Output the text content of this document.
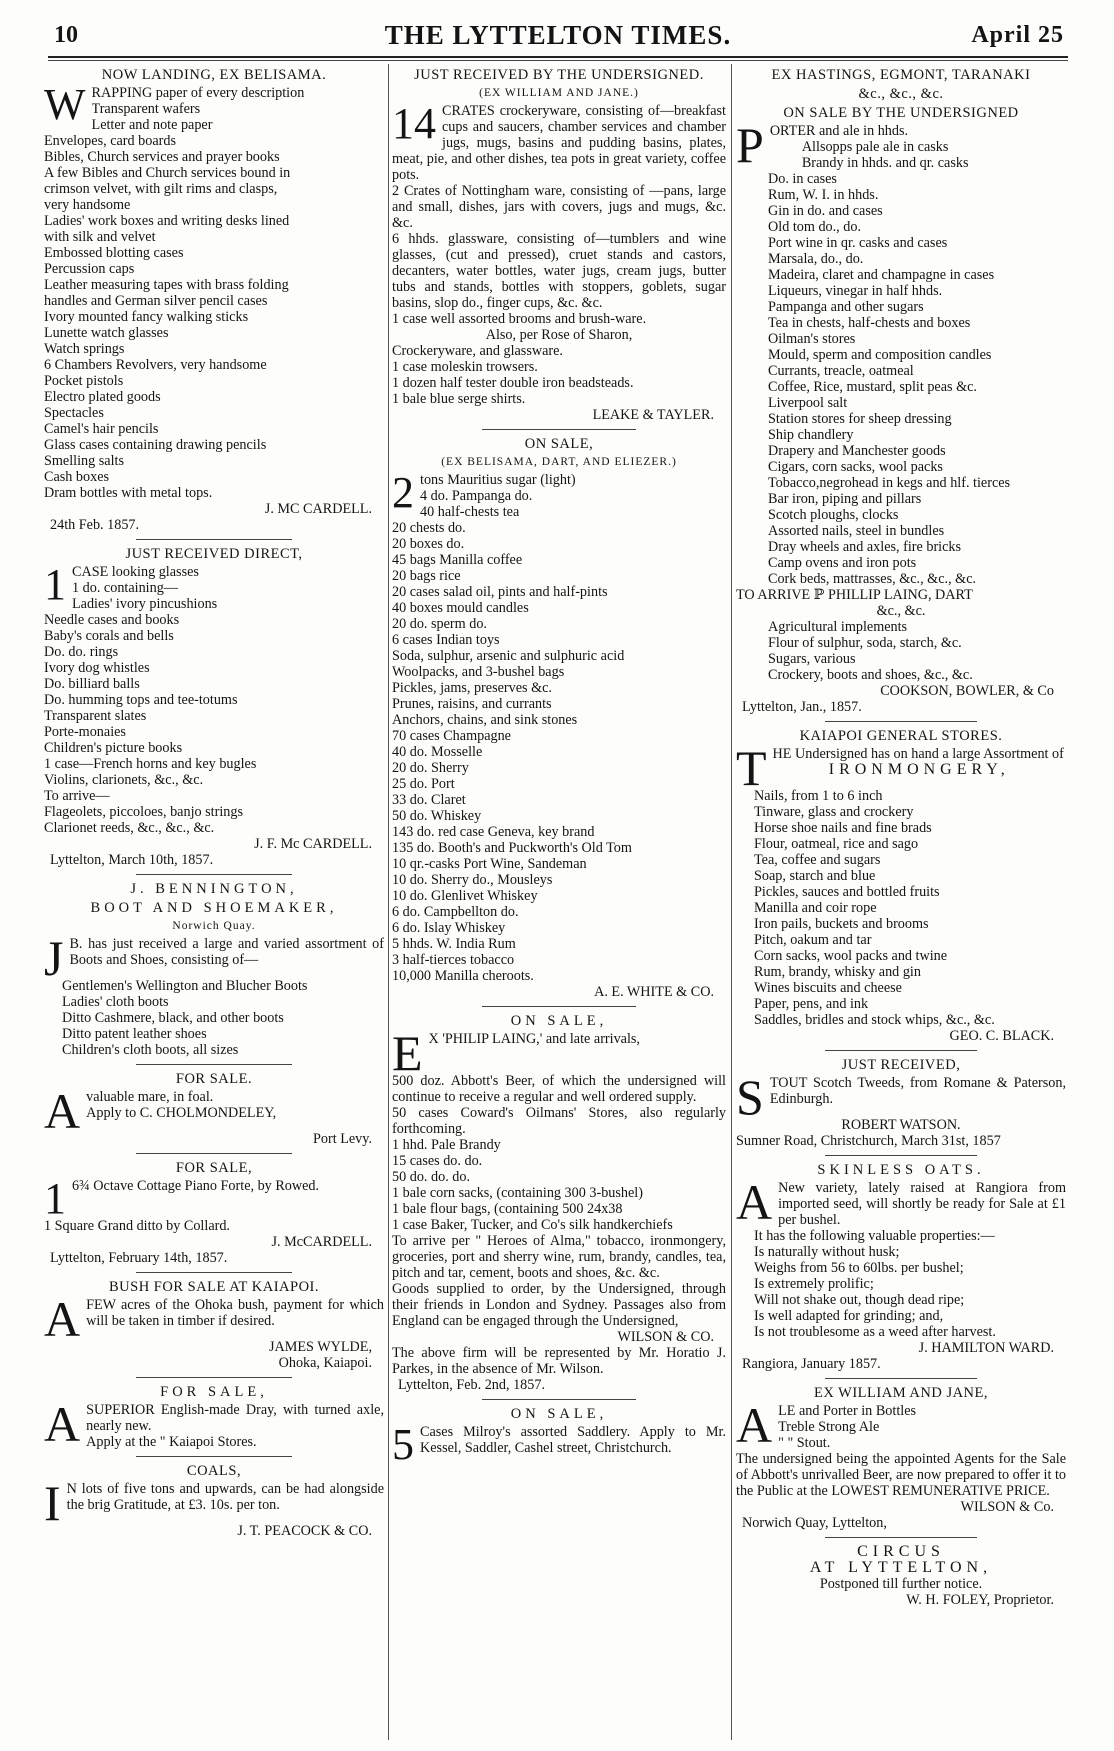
10	THE LYTTELTON TIMES.	April 25
NOW LANDING, EX BELISAMA.
W RAPPING paper of every description
Transparent wafers
Letter and note paper
Envelopes, card boards
Bibles, Church services and prayer books
A few Bibles and Church services bound in
crimson velvet, with gilt rims and clasps,
very handsome
Ladies' work boxes and writing desks lined
with silk and velvet
Embossed blotting cases
Percussion caps
Leather measuring tapes with brass folding
handles and German silver pencil cases
Ivory mounted fancy walking sticks
Lunette watch glasses
Watch springs
6 Chambers Revolvers, very handsome
Pocket pistols
Electro plated goods
Spectacles
Camel's hair pencils
Glass cases containing drawing pencils
Smelling salts
Cash boxes
Dram bottles with metal tops.
J. MC CARDELL.
24th Feb. 1857.
JUST RECEIVED DIRECT,
1 CASE looking glasses
1 do. containing—
Ladies' ivory pincushions
Needle cases and books
Baby's corals and bells
Do. do. rings
Ivory dog whistles
Do. billiard balls
Do. humming tops and tee-totums
Transparent slates
Porte-monaies
Children's picture books
1 case—French horns and key bugles
Violins, clarionets, &c., &c.
To arrive—
Flageolets, piccoloes, banjo strings
Clarionet reeds, &c., &c., &c.
J. F. Mc CARDELL.
Lyttelton, March 10th, 1857.
J. BENNINGTON,
BOOT AND SHOEMAKER,
Norwich Quay.
J B. has just received a large and varied assortment of Boots and Shoes, consisting of—
Gentlemen's Wellington and Blucher Boots
Ladies' cloth boots
Ditto Cashmere, black, and other boots
Ditto patent leather shoes
Children's cloth boots, all sizes
FOR SALE.
A valuable mare, in foal.
Apply to C. CHOLMONDELEY,
Port Levy.
FOR SALE,
1 6¾ Octave Cottage Piano Forte, by Rowed.
1 Square Grand ditto by Collard.
J. McCARDELL.
Lyttelton, February 14th, 1857.
BUSH FOR SALE AT KAIAPOI.
AFEW acres of the Ohoka bush, payment for which will be taken in timber if desired.
JAMES WYLDE,
Ohoka, Kaiapoi.
FOR SALE,
ASUPERIOR English-made Dray, with turned axle, nearly new.
Apply at the " Kaiapoi Stores.
COALS,
I N lots of five tons and upwards, can be had alongside the brig Gratitude, at £3. 10s. per ton.
J. T. PEACOCK & CO.
JUST RECEIVED BY THE UNDERSIGNED.
(EX WILLIAM AND JANE.)
14 CRATES crockeryware, consisting of—breakfast cups and saucers, chamber services and chamber jugs, mugs, basins and pudding basins, plates, meat, pie, and other dishes, tea pots in great variety, coffee pots.
2 Crates of Nottingham ware, consisting of —pans, large and small, dishes, jars with covers, jugs and mugs, &c. &c.
6 hhds. glassware, consisting of—tumblers and wine glasses, (cut and pressed), cruet stands and castors, decanters, water bottles, water jugs, cream jugs, butter tubs and stands, bottles with stoppers, goblets, sugar basins, slop do., finger cups, &c. &c.
1 case well assorted brooms and brush-ware.
Also, per Rose of Sharon,
Crockeryware, and glassware.
1 case moleskin trowsers.
1 dozen half tester double iron beadsteads.
1 bale blue serge shirts.
LEAKE & TAYLER.
ON SALE,
(EX BELISAMA, DART, AND ELIEZER.)
2 tons Mauritius sugar (light)
4 do. Pampanga do.
40 half-chests tea
20 chests do.
20 boxes do.
45 bags Manilla coffee
20 bags rice
20 cases salad oil, pints and half-pints
40 boxes mould candles
20 do. sperm do.
6 cases Indian toys
Soda, sulphur, arsenic and sulphuric acid
Woolpacks, and 3-bushel bags
Pickles, jams, preserves &c.
Prunes, raisins, and currants
Anchors, chains, and sink stones
70 cases Champagne
40 do. Mosselle
20 do. Sherry
25 do. Port
33 do. Claret
50 do. Whiskey
143 do. red case Geneva, key brand
135 do. Booth's and Puckworth's Old Tom
10 qr.-casks Port Wine, Sandeman
10 do. Sherry do., Mousleys
10 do. Glenlivet Whiskey
6 do. Campbellton do.
6 do. Islay Whiskey
5 hhds. W. India Rum
3 half-tierces tobacco
10,000 Manilla cheroots.
A. E. WHITE & CO.
ON SALE,
E X 'PHILIP LAING,' and late arrivals,
500 doz. Abbott's Beer, of which the undersigned will continue to receive a regular and well ordered supply.
50 cases Coward's Oilmans' Stores, also regularly forthcoming.
1 hhd. Pale Brandy
15 cases do. do.
50 do. do. do.
1 bale corn sacks, (containing 300 3-bushel)
1 bale flour bags, (containing 500 24x38
1 case Baker, Tucker, and Co's silk handkerchiefs
To arrive per " Heroes of Alma," tobacco, ironmongery, groceries, port and sherry wine, rum, brandy, candles, tea, pitch and tar, cement, boots and shoes, &c. &c.
Goods supplied to order, by the Undersigned, through their friends in London and Sydney. Passages also from England can be engaged through the Undersigned,
WILSON & CO.
The above firm will be represented by Mr. Horatio J. Parkes, in the absence of Mr. Wilson.
Lyttelton, Feb. 2nd, 1857.
ON SALE,
5 Cases Milroy's assorted Saddlery. Apply to Mr. Kessel, Saddler, Cashel street, Christchurch.
EX HASTINGS, EGMONT, TARANAKI
&c., &c., &c.
ON SALE BY THE UNDERSIGNED
P ORTER and ale in hhds.
Allsopps pale ale in casks
Brandy in hhds. and qr. casks
Do. in cases
Rum, W. I. in hhds.
Gin in do. and cases
Old tom do., do.
Port wine in qr. casks and cases
Marsala, do., do.
Madeira, claret and champagne in cases
Liqueurs, vinegar in half hhds.
Pampanga and other sugars
Tea in chests, half-chests and boxes
Oilman's stores
Mould, sperm and composition candles
Currants, treacle, oatmeal
Coffee, Rice, mustard, split peas &c.
Liverpool salt
Station stores for sheep dressing
Ship chandlery
Drapery and Manchester goods
Cigars, corn sacks, wool packs
Tobacco,negrohead in kegs and hlf. tierces
Bar iron, piping and pillars
Scotch ploughs, clocks
Assorted nails, steel in bundles
Dray wheels and axles, fire bricks
Camp ovens and iron pots
Cork beds, mattrasses, &c., &c., &c.
TO ARRIVE ℙ PHILLIP LAING, DART
&c., &c.
Agricultural implements
Flour of sulphur, soda, starch, &c.
Sugars, various
Crockery, boots and shoes, &c., &c.
COOKSON, BOWLER, & Co
Lyttelton, Jan., 1857.
KAIAPOI GENERAL STORES.
THE Undersigned has on hand a large Assortment of
IRONMONGERY,
Nails, from 1 to 6 inch
Tinware, glass and crockery
Horse shoe nails and fine brads
Flour, oatmeal, rice and sago
Tea, coffee and sugars
Soap, starch and blue
Pickles, sauces and bottled fruits
Manilla and coir rope
Iron pails, buckets and brooms
Pitch, oakum and tar
Corn sacks, wool packs and twine
Rum, brandy, whisky and gin
Wines biscuits and cheese
Paper, pens, and ink
Saddles, bridles and stock whips, &c., &c.
GEO. C. BLACK.
JUST RECEIVED,
STOUT Scotch Tweeds, from Romane & Paterson, Edinburgh.
ROBERT WATSON.
Sumner Road, Christchurch, March 31st, 1857
SKINLESS OATS.
A New variety, lately raised at Rangiora from imported seed, will shortly be ready for Sale at £1 per bushel.
It has the following valuable properties:—
Is naturally without husk;
Weighs from 56 to 60lbs. per bushel;
Is extremely prolific;
Will not shake out, though dead ripe;
Is well adapted for grinding; and,
Is not troublesome as a weed after harvest.
J. HAMILTON WARD.
Rangiora, January 1857.
EX WILLIAM AND JANE,
A LE and Porter in Bottles
Treble Strong Ale
" " Stout.
The undersigned being the appointed Agents for the Sale of Abbott's unrivalled Beer, are now prepared to offer it to the Public at the LOWEST REMUNERATIVE PRICE.
WILSON & Co.
Norwich Quay, Lyttelton,
CIRCUS
AT LYTTELTON,
Postponed till further notice.
W. H. FOLEY, Proprietor.
